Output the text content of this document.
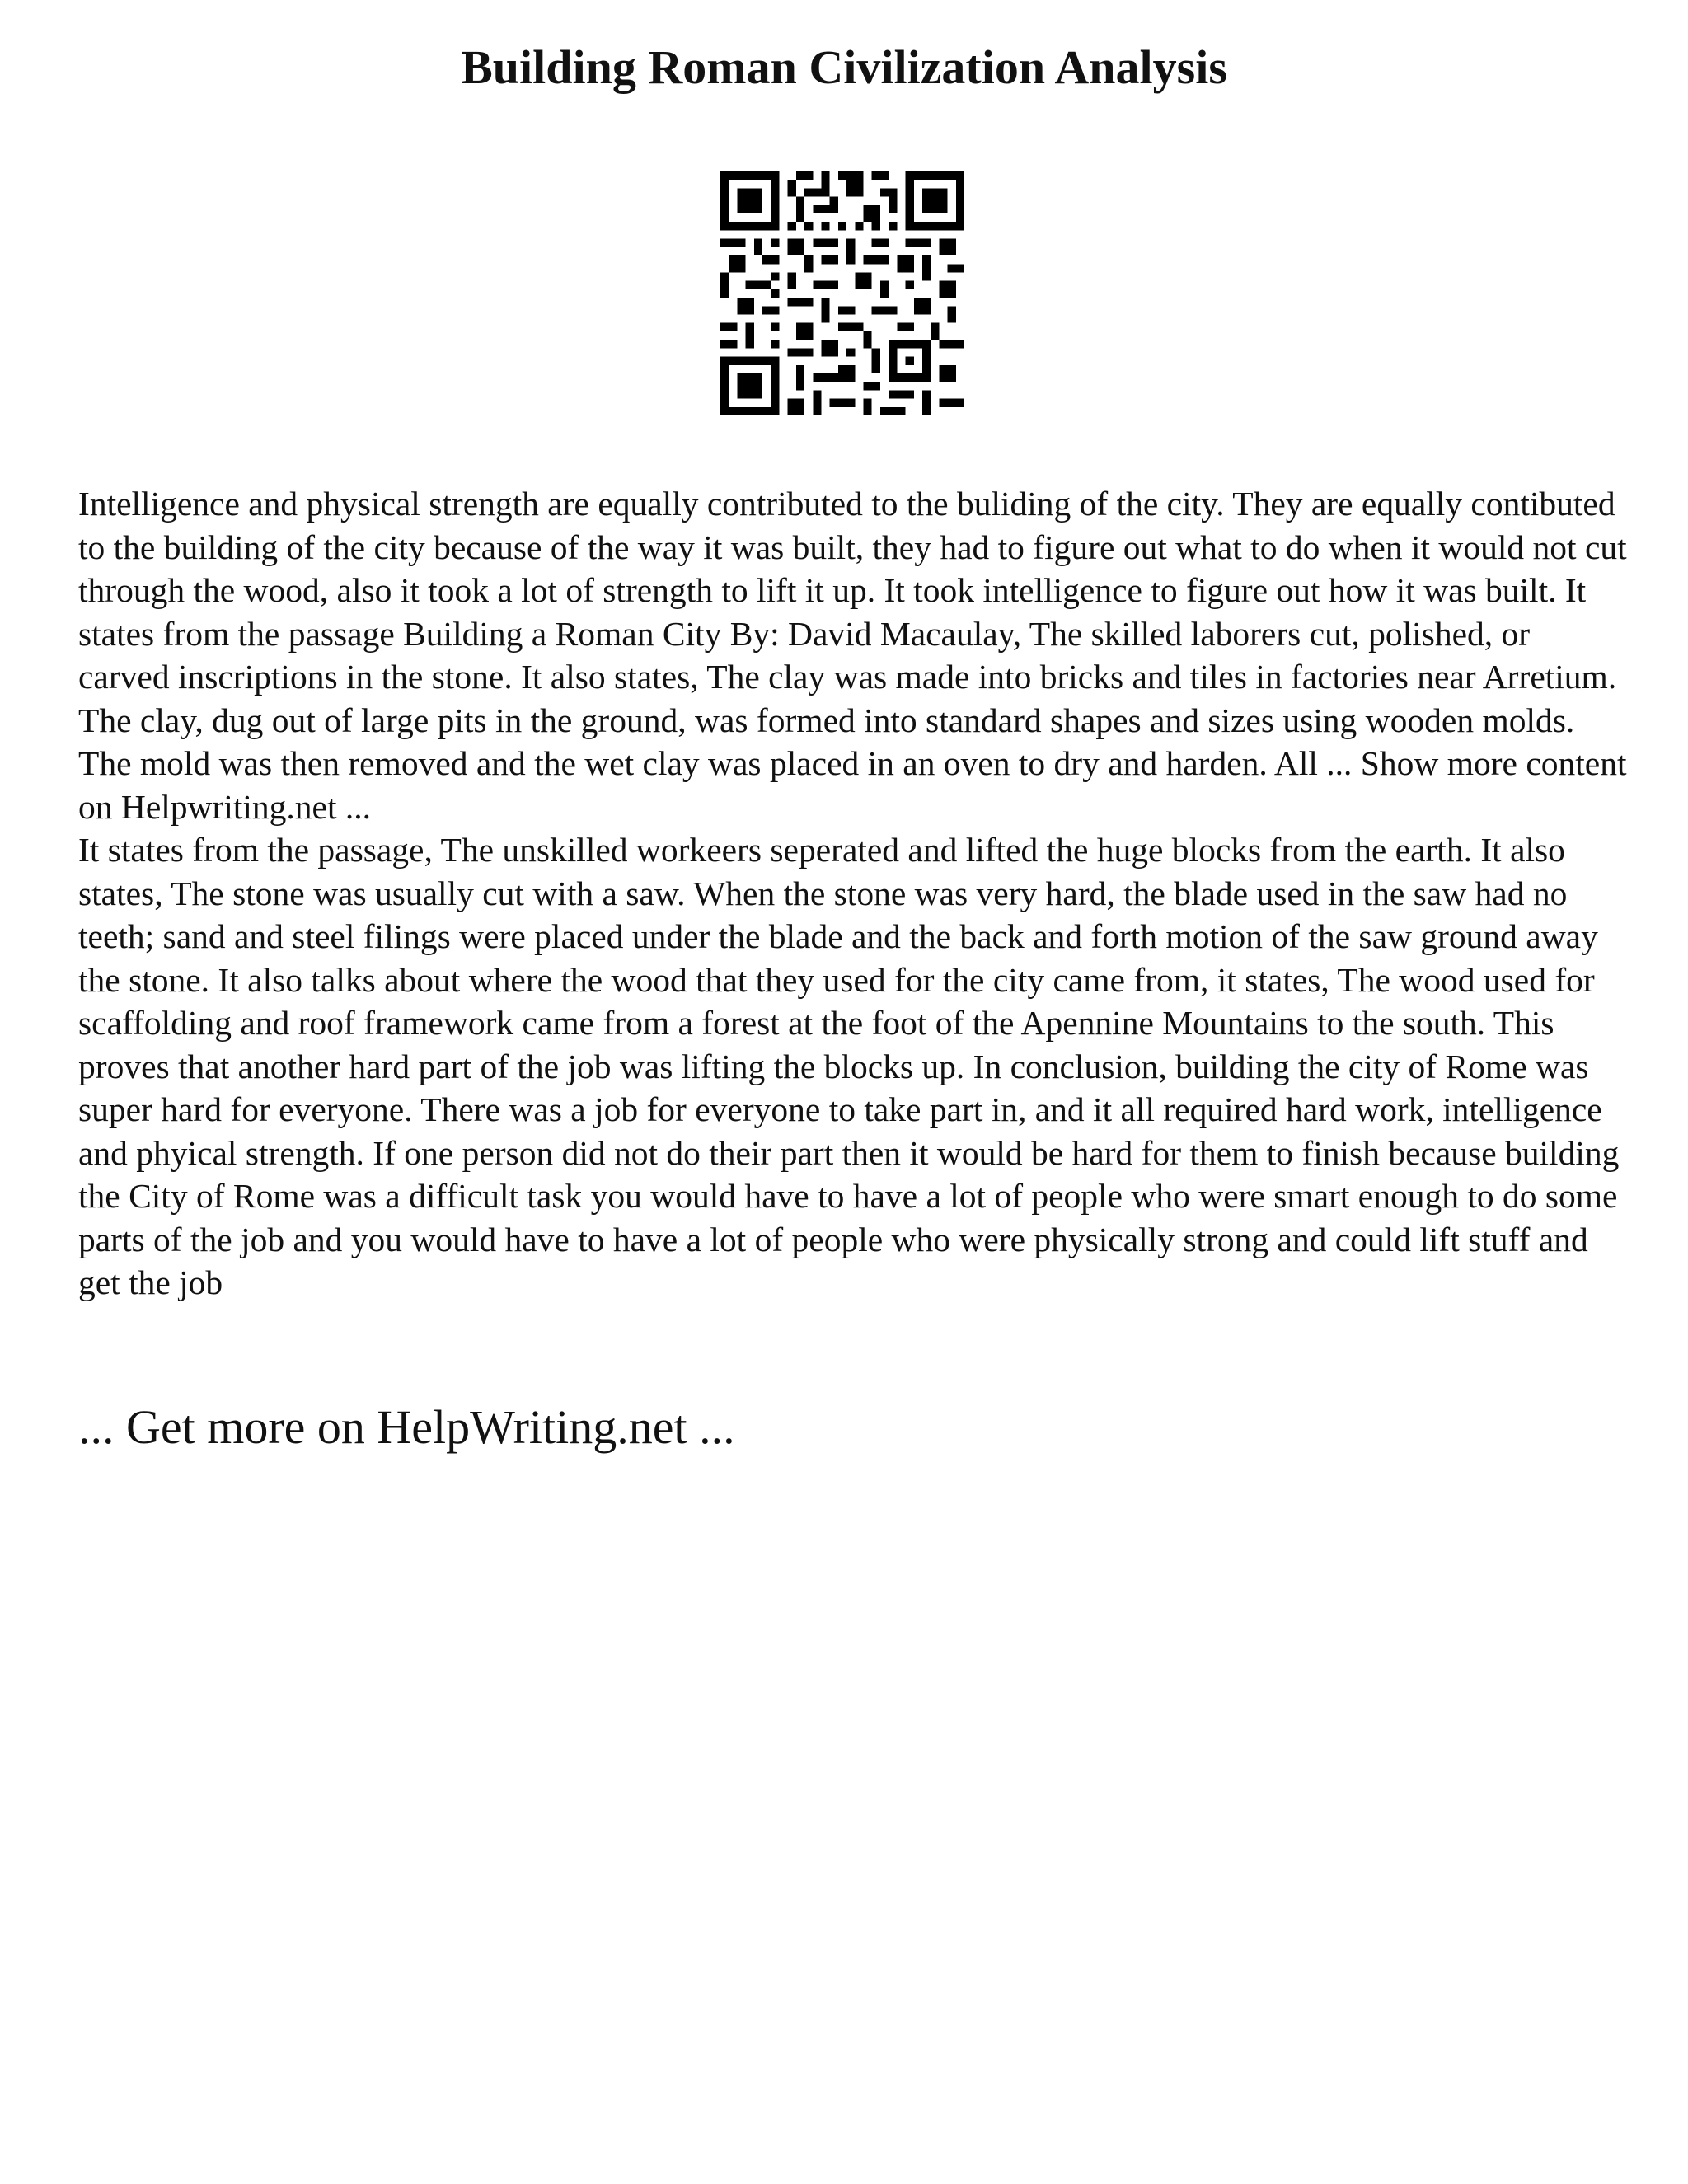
Building Roman Civilization Analysis

Intelligence and physical strength are equally contributed to the buliding of the city. They are equally contibuted to the building of the city because of the way it was built, they had to figure out what to do when it would not cut through the wood, also it took a lot of strength to lift it up. It took intelligence to figure out how it was built. It states from the passage Building a Roman City By: David Macaulay, The skilled laborers cut, polished, or carved inscriptions in the stone. It also states, The clay was made into bricks and tiles in factories near Arretium. The clay, dug out of large pits in the ground, was formed into standard shapes and sizes using wooden molds. The mold was then removed and the wet clay was placed in an oven to dry and harden. All ... Show more content on Helpwriting.net ...

It states from the passage, The unskilled workeers seperated and lifted the huge blocks from the earth. It also states, The stone was usually cut with a saw. When the stone was very hard, the blade used in the saw had no teeth; sand and steel filings were placed under the blade and the back and forth motion of the saw ground away the stone. It also talks about where the wood that they used for the city came from, it states, The wood used for scaffolding and roof framework came from a forest at the foot of the Apennine Mountains to the south. This proves that another hard part of the job was lifting the blocks up. In conclusion, building the city of Rome was super hard for everyone. There was a job for everyone to take part in, and it all required hard work, intelligence and phyical strength. If one person did not do their part then it would be hard for them to finish because building the City of Rome was a difficult task you would have to have a lot of people who were smart enough to do some parts of the job and you would have to have a lot of people who were physically strong and could lift stuff and get the job

... Get more on HelpWriting.net ...
